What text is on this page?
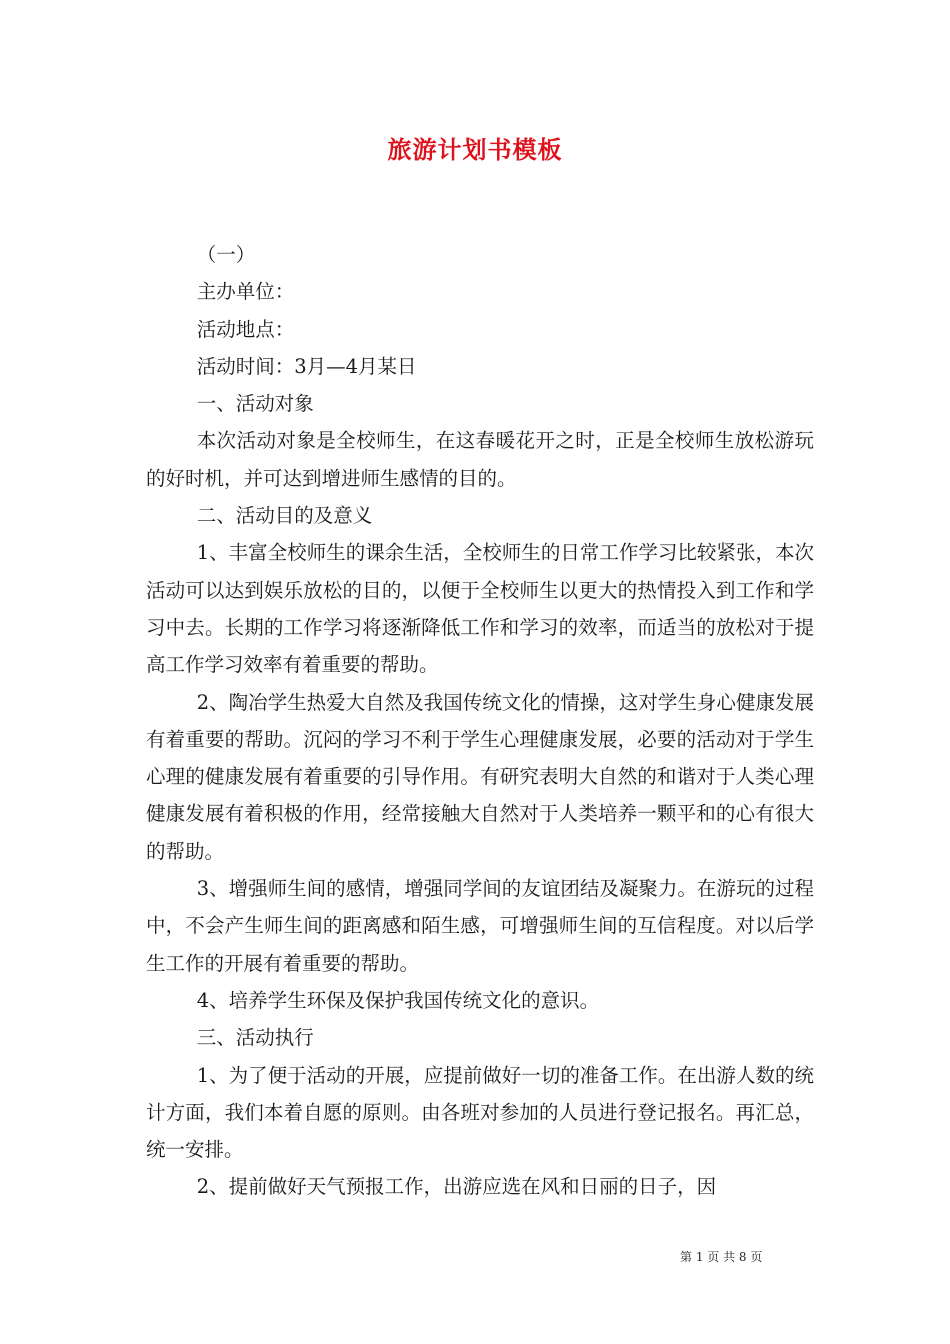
旅游计划书模板

（一）

主办单位：

活动地点：

活动时间：3月—4月某日

一、活动对象

本次活动对象是全校师生，在这春暖花开之时，正是全校师生放松游玩的好时机，并可达到增进师生感情的目的。

二、活动目的及意义

1、丰富全校师生的课余生活，全校师生的日常工作学习比较紧张，本次活动可以达到娱乐放松的目的，以便于全校师生以更大的热情投入到工作和学习中去。长期的工作学习将逐渐降低工作和学习的效率，而适当的放松对于提高工作学习效率有着重要的帮助。

2、陶冶学生热爱大自然及我国传统文化的情操，这对学生身心健康发展有着重要的帮助。沉闷的学习不利于学生心理健康发展，必要的活动对于学生心理的健康发展有着重要的引导作用。有研究表明大自然的和谐对于人类心理健康发展有着积极的作用，经常接触大自然对于人类培养一颗平和的心有很大的帮助。

3、增强师生间的感情，增强同学间的友谊团结及凝聚力。在游玩的过程中，不会产生师生间的距离感和陌生感，可增强师生间的互信程度。对以后学生工作的开展有着重要的帮助。

4、培养学生环保及保护我国传统文化的意识。

三、活动执行

1、为了便于活动的开展，应提前做好一切的准备工作。在出游人数的统计方面，我们本着自愿的原则。由各班对参加的人员进行登记报名。再汇总，统一安排。

2、提前做好天气预报工作，出游应选在风和日丽的日子，因

第 1 页 共 8 页
